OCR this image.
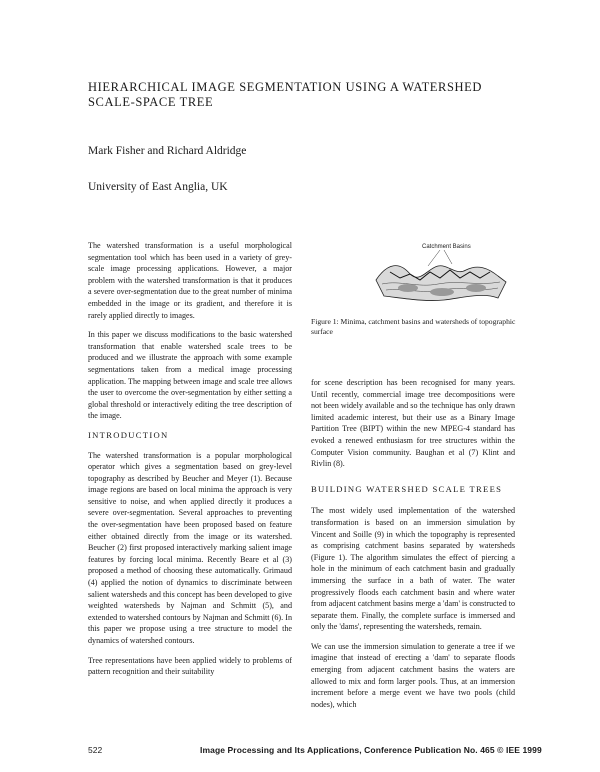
HIERARCHICAL IMAGE SEGMENTATION USING A WATERSHED SCALE-SPACE TREE

Mark Fisher and Richard Aldridge

University of East Anglia, UK

The watershed transformation is a useful morphological segmentation tool which has been used in a variety of grey-scale image processing applications. However, a major problem with the watershed transformation is that it produces a severe over-segmentation due to the great number of minima embedded in the image or its gradient, and therefore it is rarely applied directly to images.

In this paper we discuss modifications to the basic watershed transformation that enable watershed scale trees to be produced and we illustrate the approach with some example segmentations taken from a medical image processing application. The mapping between image and scale tree allows the user to overcome the over-segmentation by either setting a global threshold or interactively editing the tree description of the image.

INTRODUCTION

The watershed transformation is a popular morphological operator which gives a segmentation based on grey-level topography as described by Beucher and Meyer (1). Because image regions are based on local minima the approach is very sensitive to noise, and when applied directly it produces a severe over-segmentation. Several approaches to preventing the over-segmentation have been proposed based on feature either obtained directly from the image or its watershed. Beucher (2) first proposed interactively marking salient image features by forcing local minima. Recently Beare et al (3) proposed a method of choosing these automatically. Grimaud (4) applied the notion of dynamics to discriminate between salient watersheds and this concept has been developed to give weighted watersheds by Najman and Schmitt (5), and extended to watershed contours by Najman and Schmitt (6). In this paper we propose using a tree structure to model the dynamics of watershed contours.

Tree representations have been applied widely to problems of pattern recognition and their suitability

Catchment Basins

Figure 1: Minima, catchment basins and watersheds of topographic surface

for scene description has been recognised for many years. Until recently, commercial image tree decompositions were not been widely available and so the technique has only drawn limited academic interest, but their use as a Binary Image Partition Tree (BIPT) within the new MPEG-4 standard has evoked a renewed enthusiasm for tree structures within the Computer Vision community. Baughan et al (7) Klint and Rivlin (8).

BUILDING WATERSHED SCALE TREES

The most widely used implementation of the watershed transformation is based on an immersion simulation by Vincent and Soille (9) in which the topography is represented as comprising catchment basins separated by watersheds (Figure 1). The algorithm simulates the effect of piercing a hole in the minimum of each catchment basin and gradually immersing the surface in a bath of water. The water progressively floods each catchment basin and where water from adjacent catchment basins merge a 'dam' is constructed to separate them. Finally, the complete surface is immersed and only the 'dams', representing the watersheds, remain.

We can use the immersion simulation to generate a tree if we imagine that instead of erecting a 'dam' to separate floods emerging from adjacent catchment basins the waters are allowed to mix and form larger pools. Thus, at an immersion increment before a merge event we have two pools (child nodes), which

522	Image Processing and Its Applications, Conference Publication No. 465 © IEE 1999
